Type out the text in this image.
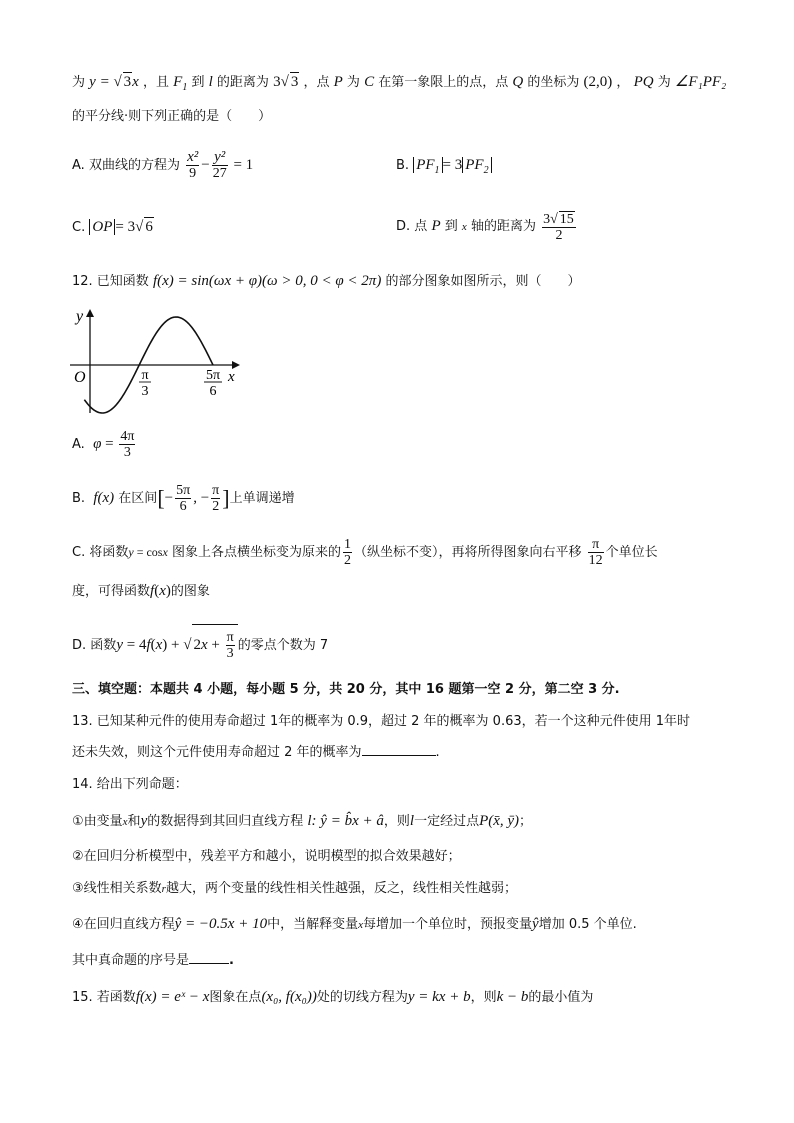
为 y = √ 3x ，且 $F_1$ 到 l 的距离为 3√ 3 ，点 P 为 C 在第一象限上的点，点 Q 的坐标为 (2,0) ， PQ 为 ∠F₁PF₂
的平分线·则下列正确的是（　　）
A. 双曲线的方程为 $\frac{\text{x²}}{9} - \frac{\text{y²}}{27} = 1$	B. $PF_1 = 3$ $PF_2$
C. OP = 3√ 6	D. 点 P 到 x 轴的距离为 $\frac{3√ 15}{2}$
12. 已知函数 f(x) = sin(ωx + φ)(ω > 0, 0 < φ < 2π) 的部分图象如图所示，则（　　）
y
x
O	π
3
5π
6
A. $\varphi = \frac{4\pi}{3}$
B. f(x) 在区间[− $\frac{5\pi}{6}$ , − $\frac{\pi}{2}$ ]上单调递增
C. 将函数y = cosx 图象上各点横坐标变为原来的 $\frac{1}{2}$ （纵坐标不变），再将所得图象向右平移 $\frac{\pi}{12}$ 个单位长
度，可得函数f(x)的图象
D. 函数y = 4f(x) + √ $2x + \frac{\pi}{3}$ 的零点个数为 7
三、填空题：本题共 4 小题，每小题 5 分，共 20 分，其中 16 题第一空 2 分，第二空 3 分.
13. 已知某种元件的使用寿命超过 1年的概率为 0.9，超过 2 年的概率为 0.63，若一个这种元件使用 1年时
还未失效，则这个元件使用寿命超过 2 年的概率为	.
14. 给出下列命题：
①由变量x和y的数据得到其回归直线方程 l: ŷ = b̂x + â，则l一定经过点P(x̄, ȳ)；
②在回归分析模型中，残差平方和越小，说明模型的拟合效果越好；
③线性相关系数r越大，两个变量的线性相关性越强，反之，线性相关性越弱；
④在回归直线方程ŷ = −0.5x + 10中，当解释变量x每增加一个单位时，预报变量ŷ增加 0.5 个单位.
其中真命题的序号是	.
15. 若函数f(x) = eˣ − x图象在点(x₀, f(x₀))处的切线方程为y = kx + b，则k − b的最小值为
